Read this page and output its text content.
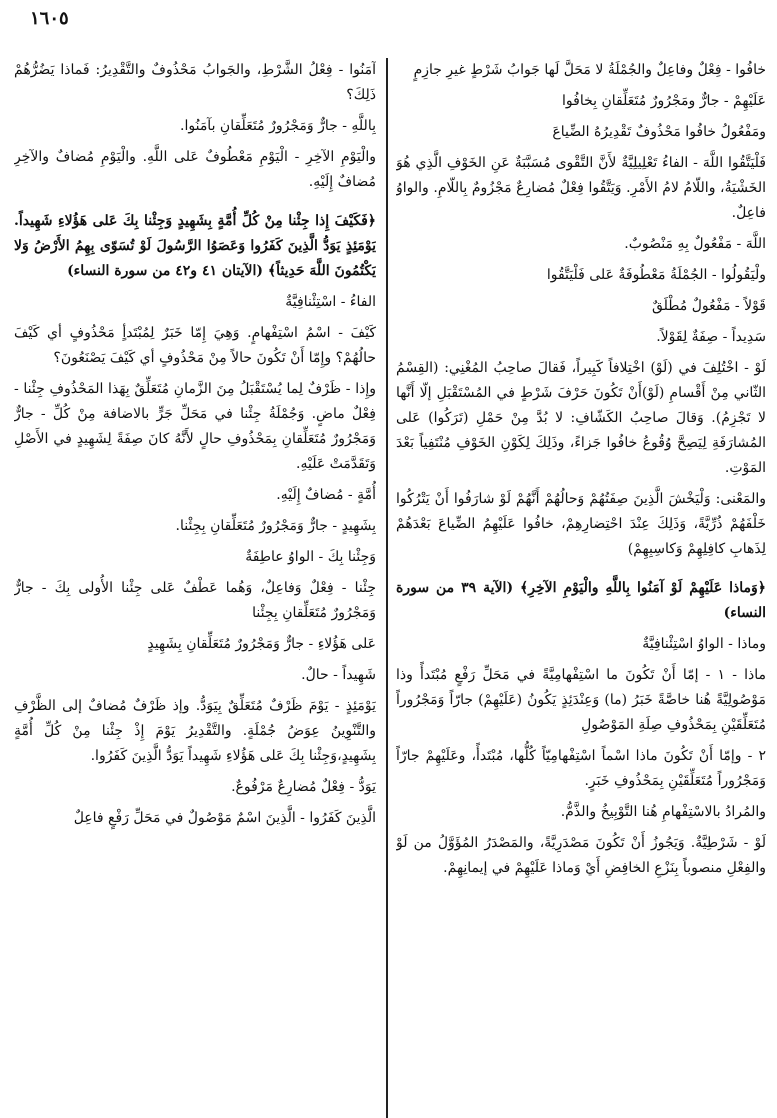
١٦٠٥

خافُوا - فِعْلٌ وفاعِلٌ والجُمْلَةُ لا مَحَلَّ لَها جَوابُ شَرْطٍ غيرِ جازِمٍ

عَلَيْهِمْ - جارٌّ ومَجْرُورٌ مُتَعَلِّقانِ بِخافُوا

ومَفْعُولُ خافُوا مَحْذُوفٌ تَقْدِيرُهُ الضِّياعَ

فَلْيَتَّقُوا اللَّهَ - الفاءُ تَعْلِيلِيَّةٌ لأَنَّ التَّقْوى مُسَبَّبَةٌ عَنِ الخَوْفِ الَّذِي هُوَ الخَشْيَةُ، واللّامُ لامُ الأَمْرِ. وَيَتَّقُوا فِعْلٌ مُضارِعٌ مَجْزُومٌ بِاللّامِ. والواوُ فاعِلٌ.

اللَّهَ - مَفْعُولٌ بِهِ مَنْصُوبٌ.

ولْيَقُولُوا - الجُمْلَةُ مَعْطُوفَةٌ عَلى فَلْيَتَّقُوا

قَوْلاً - مَفْعُولٌ مُطْلَقٌ

سَدِيداً - صِفَةٌ لِقَوْلاً.

لَوْ - اخْتُلِفَ في (لَوْ) اخْتِلافاً كَبِيراً، فَقالَ صاحِبُ المُغْنِي: (القِسْمُ الثّاني مِنْ أَقْسامِ (لَوْ)أَنْ تَكُونَ حَرْفَ شَرْطٍ في المُسْتَقْبَلِ إلّا أَنَّها لا تَجْزِمُ). وَقالَ صاحِبُ الكَشّافِ: لا بُدَّ مِنْ حَمْلِ (تَرَكُوا) عَلى المُشارَفَةِ لِيَصِحَّ وُقُوعُ خافُوا جَزاءً، وذَلِكَ لِكَوْنِ الخَوْفِ مُنْتَفِياً بَعْدَ المَوْتِ.

والمَعْنى: وَلْيَخْشَ الَّذِينَ صِفَتُهُمْ وَحالُهُمْ أَنَّهُمْ لَوْ شارَفُوا أَنْ يَتْرُكُوا خَلْفَهُمْ ذُرِّيَّةً، وَذَلِكَ عِنْدَ احْتِضارِهِمْ، خافُوا عَلَيْهِمُ الضِّياعَ بَعْدَهُمْ لِذَهابِ كافِلِهِمْ وَكاسِبِهِمْ)

﴿وَماذا عَلَيْهِمْ لَوْ آمَنُوا بِاللَّهِ والْيَوْمِ الآخِرِ﴾ (الآية ٣٩ من سورة النساء)

وماذا - الواوُ اسْتِئْنافِيَّةٌ

ماذا - ١ - إمّا أَنْ تَكُونَ ما اسْتِفْهامِيَّةً في مَحَلِّ رَفْعٍ مُبْتَدأً وذا مَوْصُولِيَّةً هُنا خاصَّةً خَبَرُ (ما) وَعِنْدَئِذٍ يَكُونُ (عَلَيْهِمْ) جارّاً وَمَجْرُوراً مُتَعَلِّقَيْنِ بِمَحْذُوفِ صِلَةِ المَوْصُولِ

٢ - وإمّا أَنْ تَكُونَ ماذا اسْماً اسْتِفْهامِيّاً كُلُّها، مُبْتَدأً، وعَلَيْهِمْ جارّاً وَمَجْرُوراً مُتَعَلِّقَيْنِ بِمَحْذُوفِ خَبَرٍ.

والمُرادُ بالاسْتِفْهامِ هُنا التَّوْبِيخُ والذَّمُّ.

لَوْ - شَرْطِيَّةٌ. وَيَجُوزُ أَنْ تَكُونَ مَصْدَرِيَّةً، والمَصْدَرُ المُؤَوَّلُ من لَوْ والفِعْلِ منصوباً بِنَزْعِ الخافِضِ أَيْ وَماذا عَلَيْهِمْ في إيمانِهِمْ.

آمَنُوا - فِعْلُ الشَّرْطِ، والجَوابُ مَحْذُوفٌ والتَّقْدِيرُ: فَماذا يَضُرُّهُمْ ذَلِكَ؟

بِاللَّهِ - جارٌّ وَمَجْرُورٌ مُتَعَلِّقانِ بآمَنُوا.

والْيَوْمِ الآخِرِ - الْيَوْمِ مَعْطُوفٌ عَلى اللَّهِ. والْيَوْمِ مُضافٌ والآخِرِ مُضافٌ إِلَيْهِ.

﴿فَكَيْفَ إِذا جِئْنا مِنْ كُلِّ أُمَّةٍ بِشَهِيدٍ وَجِئْنا بِكَ عَلى هَؤُلاءِ شَهِيداً. يَوْمَئِذٍ يَوَدُّ الَّذِينَ كَفَرُوا وَعَصَوُا الرَّسُولَ لَوْ تُسَوّى بِهِمُ الأَرْضُ وَلا يَكْتُمُونَ اللَّهَ حَدِيثاً﴾ (الآيتان ٤١ و٤٢ من سورة النساء)

الفاءُ - اسْتِئْنافِيَّةٌ

كَيْفَ - اسْمُ اسْتِفْهامٍ. وَهِيَ إِمّا خَبَرٌ لِمُبْتَدأٍ مَحْذُوفٍ أي كَيْفَ حالُهُمْ؟ وإِمّا أَنْ تَكُونَ حالاً مِنْ مَحْذُوفٍ أي كَيْفَ يَصْنَعُونَ؟

وإِذا - ظَرْفٌ لِما يُسْتَقْبَلُ مِنَ الزَّمانِ مُتَعَلِّقٌ بِهَذا المَحْذُوفِ جِئْنا - فِعْلٌ ماضٍ. وَجُمْلَةُ جِئْنا في مَحَلِّ جَرٍّ بالاضافة مِنْ كُلِّ - جارٌّ وَمَجْرُورٌ مُتَعَلِّقانِ بِمَحْذُوفِ حالٍ لأَنَّهُ كانَ صِفَةً لِشَهِيدٍ في الأَصْلِ وَتَقَدَّمَتْ عَلَيْهِ.

أُمَّةٍ - مُضافٌ إِلَيْهِ.

بِشَهِيدٍ - جارٌّ وَمَجْرُورٌ مُتَعَلِّقانِ بِجِئْنا.

وَجِئْنا بِكَ - الواوُ عاطِفَةٌ

جِئْنا - فِعْلٌ وَفاعِلٌ، وَهُما عَطْفٌ عَلى جِئْنا الأُولى بِكَ - جارٌّ وَمَجْرُورٌ مُتَعَلِّقانِ بِجِئْنا

عَلى هَؤُلاءِ - جارٌّ وَمَجْرُورٌ مُتَعَلِّقانِ بِشَهِيدٍ

شَهِيداً - حالٌ.

يَوْمَئِذٍ - يَوْمَ ظَرْفٌ مُتَعَلِّقٌ بِيَوَدُّ. وإذ ظَرْفٌ مُضافٌ إلى الظَّرْفِ والتَّنْوِينُ عِوَضُ جُمْلَةٍ. والتَّقْدِيرُ يَوْمَ إِذْ جِئْنا مِنْ كُلِّ أُمَّةٍ بِشَهِيدٍ،وَجِئْنا بِكَ عَلى هَؤُلاءِ شَهِيداً يَوَدُّ الَّذِينَ كَفَرُوا.

يَوَدُّ - فِعْلٌ مُضارِعٌ مَرْفُوعٌ.

الَّذِينَ كَفَرُوا - الَّذِينَ اسْمٌ مَوْصُولٌ في مَحَلِّ رَفْعٍ فاعِلٌ
